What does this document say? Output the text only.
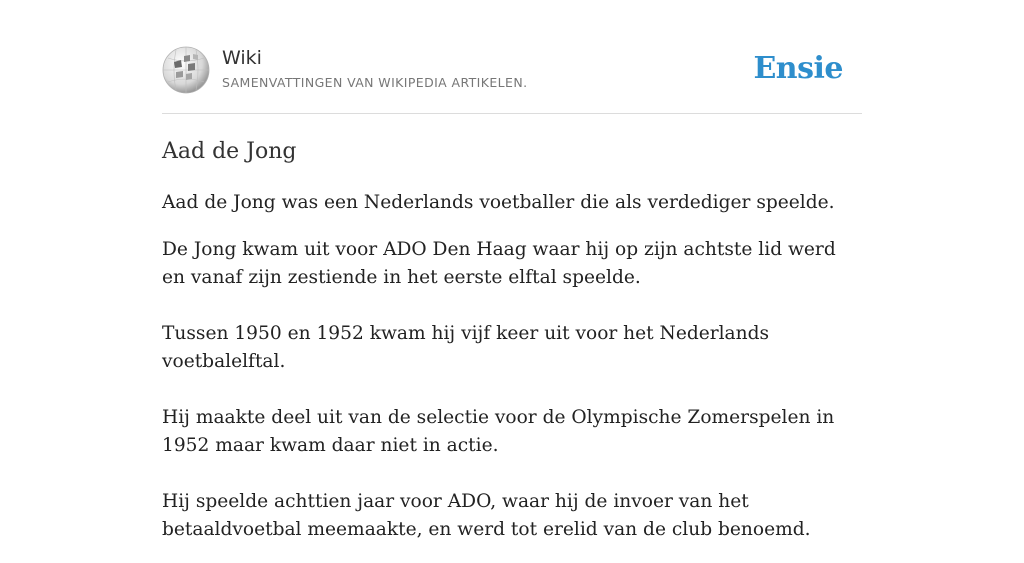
Wiki
SAMENVATTINGEN VAN WIKIPEDIA ARTIKELEN.	Ensie
Aad de Jong

Aad de Jong was een Nederlands voetballer die als verdediger speelde.

De Jong kwam uit voor ADO Den Haag waar hij op zijn achtste lid werd en vanaf zijn zestiende in het eerste elftal speelde.

Tussen 1950 en 1952 kwam hij vijf keer uit voor het Nederlands voetbalelftal.

Hij maakte deel uit van de selectie voor de Olympische Zomerspelen in 1952 maar kwam daar niet in actie.

Hij speelde achttien jaar voor ADO, waar hij de invoer van het betaaldvoetbal meemaakte, en werd tot erelid van de club benoemd.
